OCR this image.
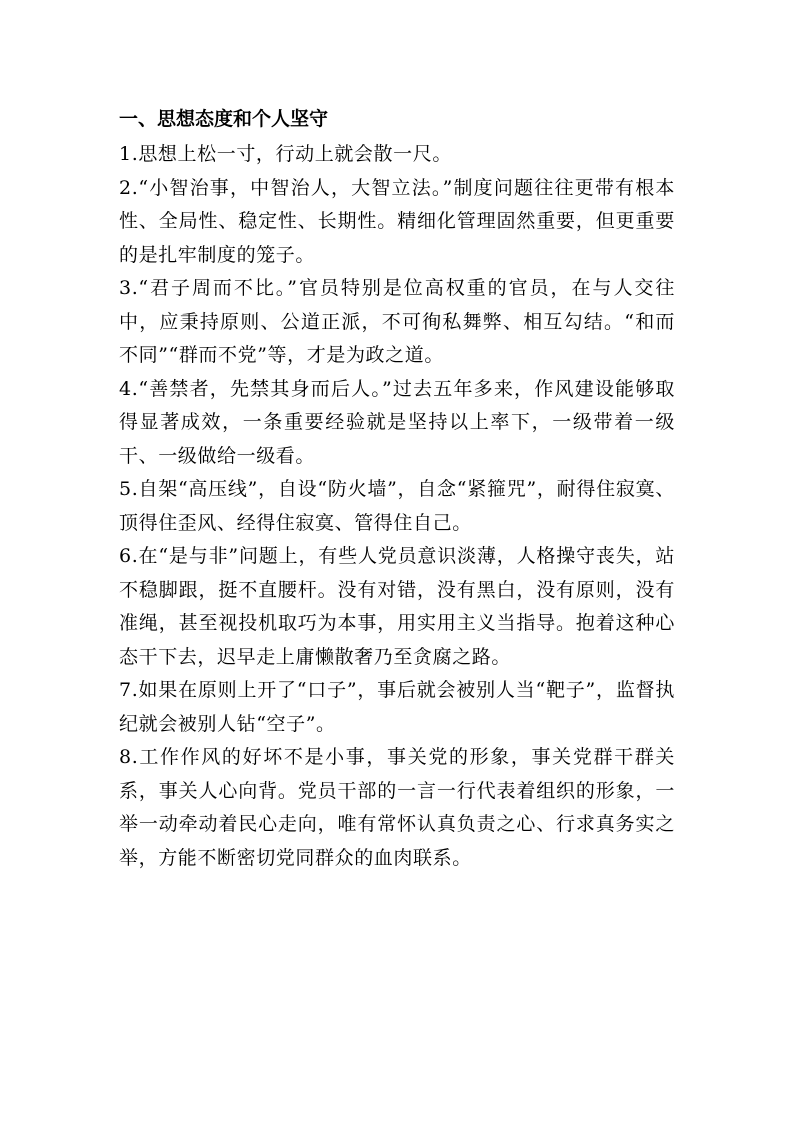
一、思想态度和个人坚守

1.思想上松一寸，行动上就会散一尺。

2.“小智治事，中智治人，大智立法。”制度问题往往更带有根本性、全局性、稳定性、长期性。精细化管理固然重要，但更重要的是扎牢制度的笼子。

3.“君子周而不比。”官员特别是位高权重的官员，在与人交往中，应秉持原则、公道正派，不可徇私舞弊、相互勾结。“和而不同”“群而不党”等，才是为政之道。

4.“善禁者，先禁其身而后人。”过去五年多来，作风建设能够取得显著成效，一条重要经验就是坚持以上率下，一级带着一级干、一级做给一级看。

5.自架“高压线”，自设“防火墙”，自念“紧箍咒”，耐得住寂寞、顶得住歪风、经得住寂寞、管得住自己。

6.在“是与非”问题上，有些人党员意识淡薄，人格操守丧失，站不稳脚跟，挺不直腰杆。没有对错，没有黑白，没有原则，没有准绳，甚至视投机取巧为本事，用实用主义当指导。抱着这种心态干下去，迟早走上庸懒散奢乃至贪腐之路。

7.如果在原则上开了“口子”，事后就会被别人当“靶子”，监督执纪就会被别人钻“空子”。

8.工作作风的好坏不是小事，事关党的形象，事关党群干群关系，事关人心向背。党员干部的一言一行代表着组织的形象，一举一动牵动着民心走向，唯有常怀认真负责之心、行求真务实之举，方能不断密切党同群众的血肉联系。
